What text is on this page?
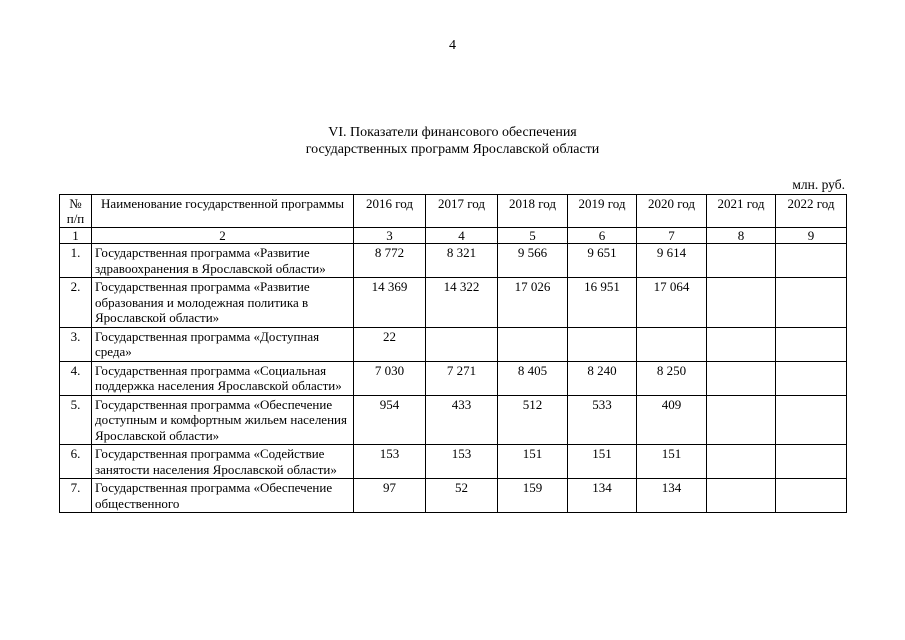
4
VI. Показатели финансового обеспечения
государственных программ Ярославской области
млн. руб.
№ п/п	Наименование государственной программы	2016 год	2017 год	2018 год	2019 год	2020 год	2021 год	2022 год
1	2	3	4	5	6	7	8	9
1.	Государственная программа «Развитие здравоохранения в Ярославской области»	8 772	8 321	9 566	9 651	9 614		
2.	Государственная программа «Развитие образования и молодежная политика в Ярославской области»	14 369	14 322	17 026	16 951	17 064		
3.	Государственная программа «Доступная среда»	22						
4.	Государственная программа «Социальная поддержка населения Ярославской области»	7 030	7 271	8 405	8 240	8 250		
5.	Государственная программа «Обеспечение доступным и комфортным жильем населения Ярославской области»	954	433	512	533	409		
6.	Государственная программа «Содействие занятости населения Ярославской области»	153	153	151	151	151		
7.	Государственная программа «Обеспечение общественного	97	52	159	134	134		
